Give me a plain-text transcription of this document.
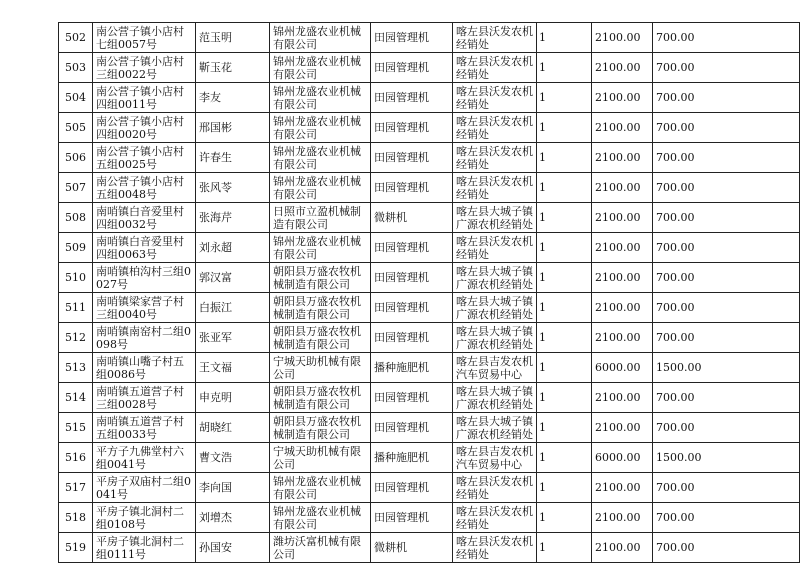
502	南公营子镇小店村七组0057号	范玉明	锦州龙盛农业机械有限公司	田园管理机	喀左县沃发农机经销处	1	2100.00	700.00
503	南公营子镇小店村三组0022号	靳玉花	锦州龙盛农业机械有限公司	田园管理机	喀左县沃发农机经销处	1	2100.00	700.00
504	南公营子镇小店村四组0011号	李友	锦州龙盛农业机械有限公司	田园管理机	喀左县沃发农机经销处	1	2100.00	700.00
505	南公营子镇小店村四组0020号	邢国彬	锦州龙盛农业机械有限公司	田园管理机	喀左县沃发农机经销处	1	2100.00	700.00
506	南公营子镇小店村五组0025号	许春生	锦州龙盛农业机械有限公司	田园管理机	喀左县沃发农机经销处	1	2100.00	700.00
507	南公营子镇小店村五组0048号	张风苓	锦州龙盛农业机械有限公司	田园管理机	喀左县沃发农机经销处	1	2100.00	700.00
508	南哨镇白音爱里村四组0032号	张海芹	日照市立盈机械制造有限公司	微耕机	喀左县大城子镇广源农机经销处	1	2100.00	700.00
509	南哨镇白音爱里村四组0063号	刘永超	锦州龙盛农业机械有限公司	田园管理机	喀左县沃发农机经销处	1	2100.00	700.00
510	南哨镇柏沟村三组0027号	郭汉富	朝阳县万盛农牧机械制造有限公司	田园管理机	喀左县大城子镇广源农机经销处	1	2100.00	700.00
511	南哨镇梁家营子村三组0040号	白振江	朝阳县万盛农牧机械制造有限公司	田园管理机	喀左县大城子镇广源农机经销处	1	2100.00	700.00
512	南哨镇南窑村二组0098号	张亚军	朝阳县万盛农牧机械制造有限公司	田园管理机	喀左县大城子镇广源农机经销处	1	2100.00	700.00
513	南哨镇山嘴子村五组0086号	王文福	宁城天助机械有限公司	播种施肥机	喀左县吉发农机汽车贸易中心	1	6000.00	1500.00
514	南哨镇五道营子村三组0028号	申克明	朝阳县万盛农牧机械制造有限公司	田园管理机	喀左县大城子镇广源农机经销处	1	2100.00	700.00
515	南哨镇五道营子村五组0033号	胡晓红	朝阳县万盛农牧机械制造有限公司	田园管理机	喀左县大城子镇广源农机经销处	1	2100.00	700.00
516	平方子九佛堂村六组0041号	曹文浩	宁城天助机械有限公司	播种施肥机	喀左县吉发农机汽车贸易中心	1	6000.00	1500.00
517	平房子双庙村二组0041号	李向国	锦州龙盛农业机械有限公司	田园管理机	喀左县沃发农机经销处	1	2100.00	700.00
518	平房子镇北洞村二组0108号	刘增杰	锦州龙盛农业机械有限公司	田园管理机	喀左县沃发农机经销处	1	2100.00	700.00
519	平房子镇北洞村二组0111号	孙国安	潍坊沃富机械有限公司	微耕机	喀左县沃发农机经销处	1	2100.00	700.00
